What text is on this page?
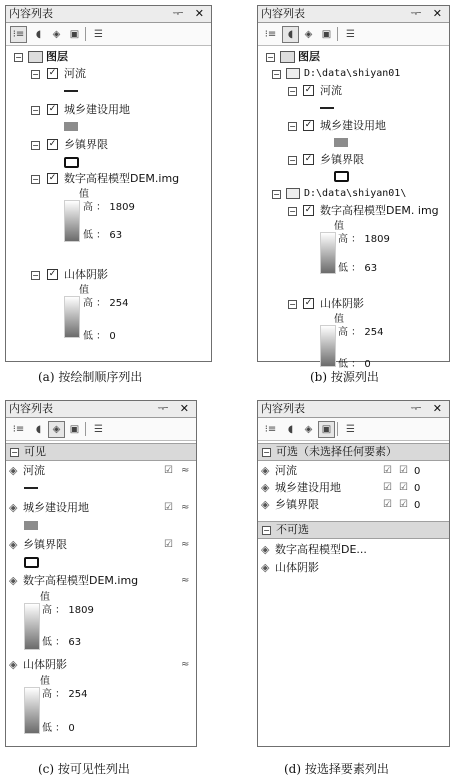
内容列表	ᅮ ✕
⁝≡	◖	◈ ▣	☰
− 图层
− ✓ 河流
− ✓ 城乡建设用地
− ✓ 乡镇界限
− ✓ 数字高程模型DEM.img
值
高 ： 1809
低 ： 63
− ✓ 山体阴影
值
高 ： 254
低 ： 0
(a) 按绘制顺序列出
内容列表	ᅮ ✕
⁝≡	◖	◈ ▣	☰
− 图层
− D:\data\shiyan01
− ✓ 河流
− ✓ 城乡建设用地
− ✓ 乡镇界限
− D:\data\shiyan01\
− ✓ 数字高程模型DEM. img
值
高 ： 1809
低 ： 63
− ✓ 山体阴影
值
高 ： 254
低 ： 0
(b) 按源列出
内容列表	ᅮ ✕
⁝≡	◖	◈ ▣	☰
− 可见
◈ 河流	☑ ≈
◈ 城乡建设用地	☑ ≈
◈ 乡镇界限	☑ ≈
◈ 数字高程模型DEM.img	≈
值
高 ： 1809
低 ： 63
◈ 山体阴影	≈
值
高 ： 254
低 ： 0
(c) 按可见性列出
内容列表	ᅮ ✕
⁝≡	◖	◈ ▣	☰
− 可选（未选择任何要素）
◈ 河流	☑ ☑ 0
◈ 城乡建设用地	☑ ☑ 0
◈ 乡镇界限	☑ ☑ 0
− 不可选
◈ 数字高程模型DE...
◈ 山体阴影
(d) 按选择要素列出
